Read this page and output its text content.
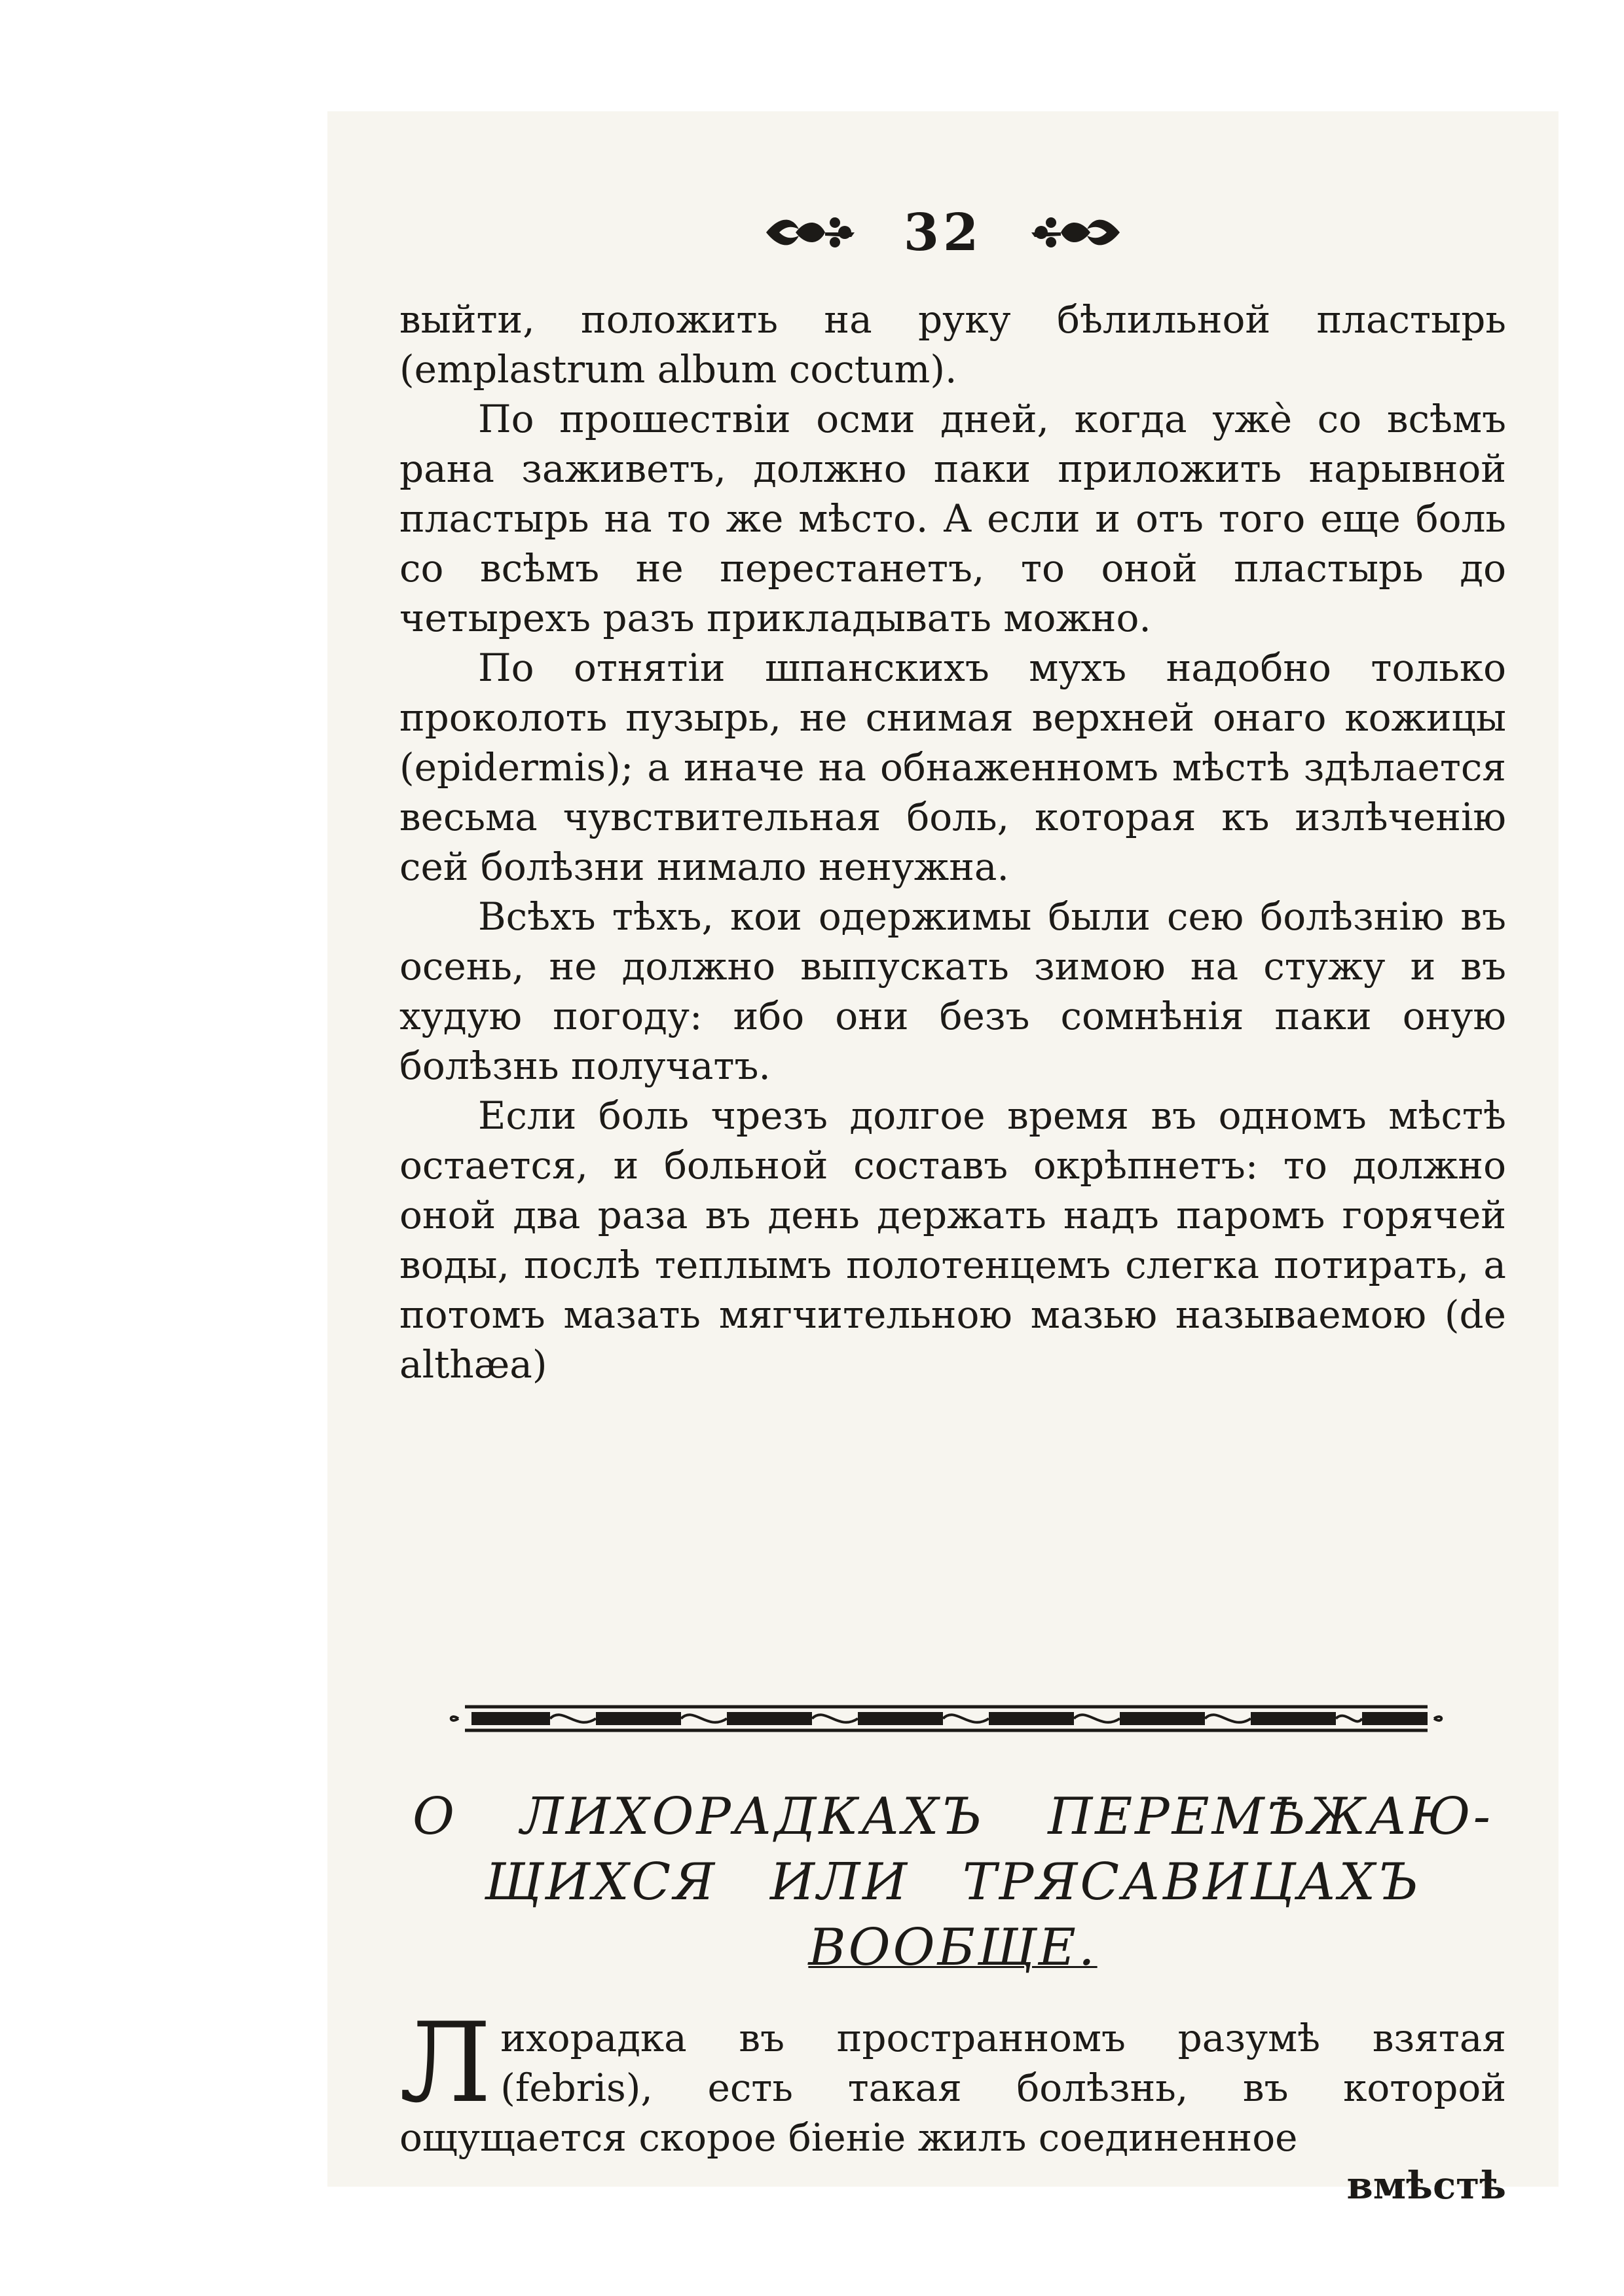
32

выйти, положить на руку бѣлильной пластырь (emplastrum album coctum).

По прошествіи осми дней, когда ужѐ со всѣмъ рана заживетъ, должно паки приложить нарывной пластырь на то же мѣсто. А если и отъ того еще боль со всѣмъ не перестанетъ, то оной пластырь до четырехъ разъ прикладывать можно.

По отнятіи шпанскихъ мухъ надобно только проколоть пузырь, не снимая верхней онаго кожицы (epidermis); а иначе на обнаженномъ мѣстѣ здѣлается весьма чувствительная боль, которая къ излѣченію сей болѣзни нимало ненужна.

Всѣхъ тѣхъ, кои одержимы были сею болѣзнію въ осень, не должно выпускать зимою на стужу и въ худую погоду: ибо они безъ сомнѣнія паки оную болѣзнь получатъ.

Если боль чрезъ долгое время въ одномъ мѣстѣ остается, и больной составъ окрѣпнетъ: то должно оной два раза въ день держать надъ паромъ горячей воды, послѣ теплымъ полотенцемъ слегка потирать, а потомъ мазать мягчительною мазью называемою (de althæa)

О ЛИХОРАДКАХЪ ПЕРЕМѢЖАЮ-
ЩИХСЯ ИЛИ ТРЯСАВИЦАХЪ
ВООБЩЕ.

Лихорадка въ пространномъ разумѣ взятая (febris), есть такая болѣзнь, въ которой ощущается скорое біеніе жилъ соединенное

вмѣстѣ
